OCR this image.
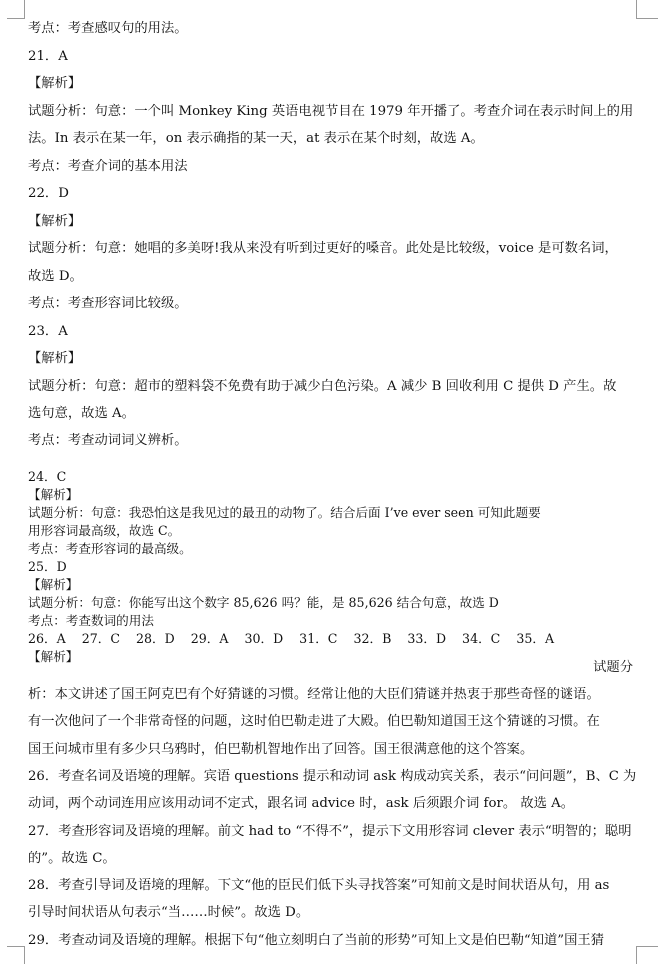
考点：考查感叹句的用法。
21．A
【解析】
试题分析：句意：一个叫 Monkey King 英语电视节目在 1979 年开播了。考查介词在表示时间上的用
法。In 表示在某一年，on 表示确指的某一天，at 表示在某个时刻，故选 A。
考点：考查介词的基本用法
22．D
【解析】
试题分析：句意：她唱的多美呀!我从来没有听到过更好的嗓音。此处是比较级，voice 是可数名词，
故选 D。
考点：考查形容词比较级。
23．A
【解析】
试题分析：句意：超市的塑料袋不免费有助于减少白色污染。A 减少 B 回收利用 C 提供 D 产生。故
选句意，故选 A。
考点：考查动词词义辨析。
24．C
【解析】
试题分析：句意：我恐怕这是我见过的最丑的动物了。结合后面 I’ve ever seen 可知此题要
用形容词最高级，故选 C。
考点：考查形容词的最高级。
25．D
【解析】
试题分析：句意：你能写出这个数字 85,626 吗？能，是 85,626 结合句意，故选 D
考点：考查数词的用法
26．A    27．C    28．D    29．A    30．D    31．C    32．B    33．D    34．C    35．A
【解析】
试题分
析：本文讲述了国王阿克巴有个好猜谜的习惯。经常让他的大臣们猜谜并热衷于那些奇怪的谜语。
有一次他问了一个非常奇怪的问题，这时伯巴勒走进了大殿。伯巴勒知道国王这个猜谜的习惯。在
国王问城市里有多少只乌鸦时，伯巴勒机智地作出了回答。国王很满意他的这个答案。
26．考查名词及语境的理解。宾语 questions 提示和动词 ask 构成动宾关系，表示“问问题”，B、C 为
动词，两个动词连用应该用动词不定式，跟名词 advice 时，ask 后须跟介词 for。 故选 A。
27．考查形容词及语境的理解。前文 had to “不得不”，提示下文用形容词 clever 表示“明智的；聪明
的”。故选 C。
28．考查引导词及语境的理解。下文“他的臣民们低下头寻找答案”可知前文是时间状语从句，用 as
引导时间状语从句表示“当……时候”。故选 D。
29．考查动词及语境的理解。根据下句“他立刻明白了当前的形势”可知上文是伯巴勒“知道”国王猜
